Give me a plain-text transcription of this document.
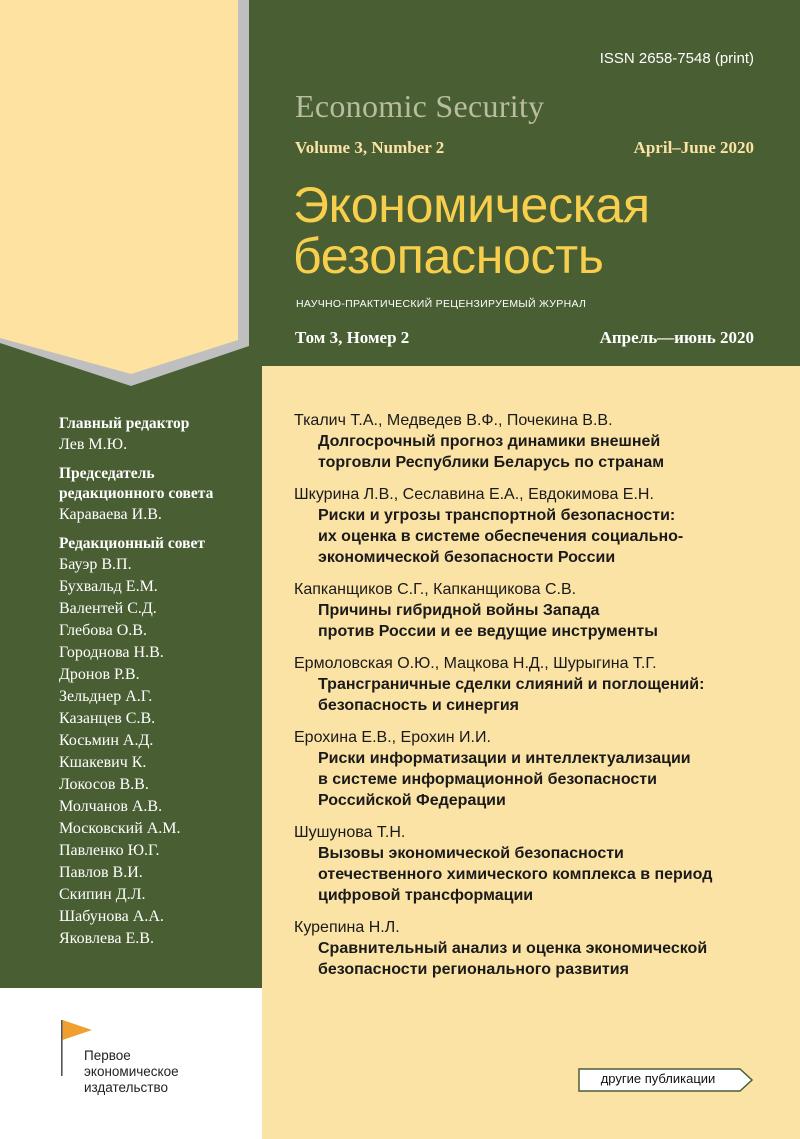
ISSN 2658-7548 (print)
Economic Security
Volume 3, Number 2	April–June 2020
Экономическая
безопасность
НАУЧНО-ПРАКТИЧЕСКИЙ РЕЦЕНЗИРУЕМЫЙ ЖУРНАЛ
Том 3, Номер 2	Апрель—июнь 2020
Главный редактор
Лев М.Ю.
Председатель
редакционного совета
Караваева И.В.
Редакционный совет
Бауэр В.П.
Бухвальд Е.М.
Валентей С.Д.
Глебова О.В.
Городнова Н.В.
Дронов Р.В.
Зельднер А.Г.
Казанцев С.В.
Косьмин А.Д.
Кшакевич К.
Локосов В.В.
Молчанов А.В.
Московский А.М.
Павленко Ю.Г.
Павлов В.И.
Скипин Д.Л.
Шабунова А.А.
Яковлева Е.В.
Первое
экономическое
издательство
Ткалич Т.А., Медведев В.Ф., Почекина В.В.
Долгосрочный прогноз динамики внешней
торговли Республики Беларусь по странам
Шкурина Л.В., Сеславина Е.А., Евдокимова Е.Н.
Риски и угрозы транспортной безопасности:
их оценка в системе обеспечения социально-
экономической безопасности России
Капканщиков С.Г., Капканщикова С.В.
Причины гибридной войны Запада
против России и ее ведущие инструменты
Ермоловская О.Ю., Мацкова Н.Д., Шурыгина Т.Г.
Трансграничные сделки слияний и поглощений:
безопасность и синергия
Ерохина Е.В., Ерохин И.И.
Риски информатизации и интеллектуализации
в системе информационной безопасности
Российской Федерации
Шушунова Т.Н.
Вызовы экономической безопасности
отечественного химического комплекса в период
цифровой трансформации
Курепина Н.Л.
Сравнительный анализ и оценка экономической
безопасности регионального развития
другие публикации
